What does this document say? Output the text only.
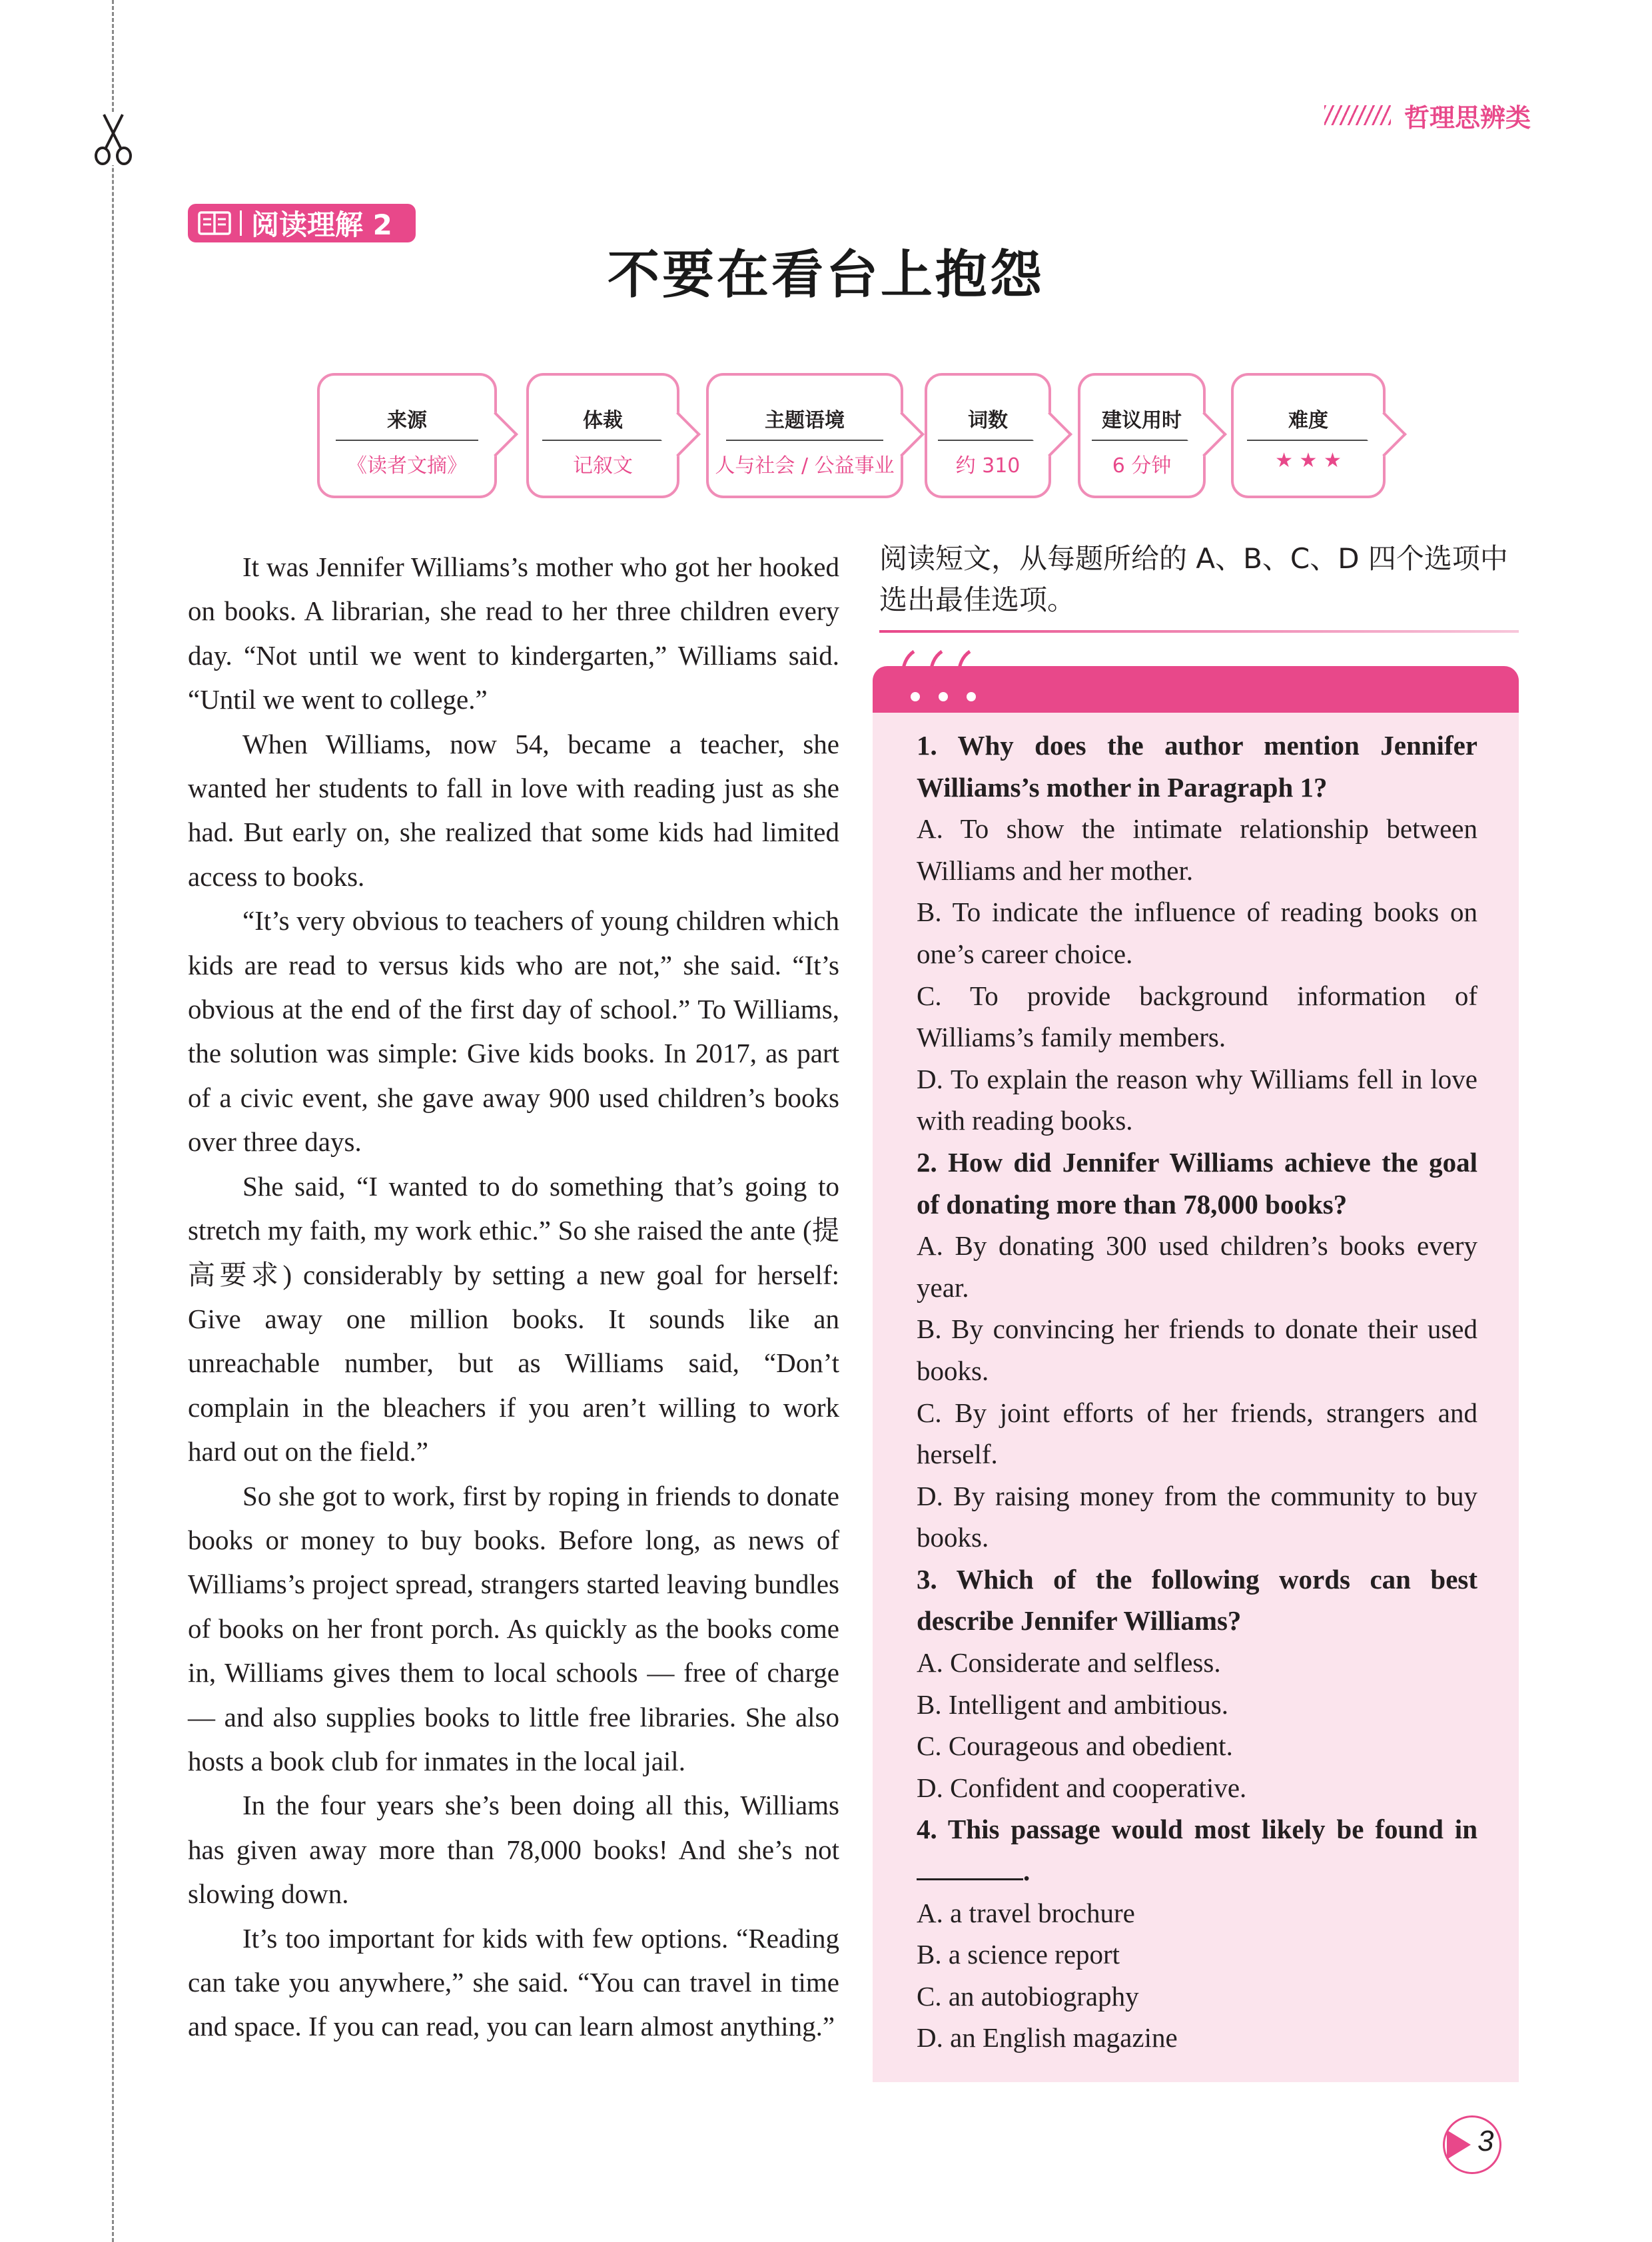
哲理思辨类
阅读理解 2
不要在看台上抱怨
来源
《读者文摘》
体裁
记叙文
主题语境
人与社会 / 公益事业
词数
约 310
建议用时
6 分钟
难度
★ ★ ★

It was Jennifer Williams’s mother who got her hooked on books. A librarian, she read to her three children every day. “Not until we went to kindergarten,” Williams said. “Until we went to college.”

When Williams, now 54, became a teacher, she wanted her students to fall in love with reading just as she had. But early on, she realized that some kids had limited access to books.

“It’s very obvious to teachers of young children which kids are read to versus kids who are not,” she said. “It’s obvious at the end of the first day of school.” To Williams, the solution was simple: Give kids books. In 2017, as part of a civic event, she gave away 900 used children’s books over three days.

She said, “I wanted to do something that’s going to stretch my faith, my work ethic.” So she raised the ante (提高要求) considerably by setting a new goal for herself: Give away one million books. It sounds like an unreachable number, but as Williams said, “Don’t complain in the bleachers if you aren’t willing to work hard out on the field.”

So she got to work, first by roping in friends to donate books or money to buy books. Before long, as news of Williams’s project spread, strangers started leaving bundles of books on her front porch. As quickly as the books come in, Williams gives them to local schools — free of charge — and also supplies books to little free libraries. She also hosts a book club for inmates in the local jail.

In the four years she’s been doing all this, Williams has given away more than 78,000 books! And she’s not slowing down.

It’s too important for kids with few options. “Reading can take you anywhere,” she said. “You can travel in time and space. If you can read, you can learn almost anything.”

阅读短文，从每题所给的 A、B、C、D 四个选项中选出最佳选项。

1. Why does the author mention Jennifer Williams’s mother in Paragraph 1?

A. To show the intimate relationship between Williams and her mother.

B. To indicate the influence of reading books on one’s career choice.

C. To provide background information of Williams’s family members.

D. To explain the reason why Williams fell in love with reading books.

2. How did Jennifer Williams achieve the goal of donating more than 78,000 books?

A. By donating 300 used children’s books every year.

B. By convincing her friends to donate their used books.

C. By joint efforts of her friends, strangers and herself.

D. By raising money from the community to buy books.

3. Which of the following words can best describe Jennifer Williams?

A. Considerate and selfless.

B. Intelligent and ambitious.

C. Courageous and obedient.

D. Confident and cooperative.

4. This passage would most likely be found in .

A. a travel brochure

B. a science report

C. an autobiography

D. an English magazine

3
